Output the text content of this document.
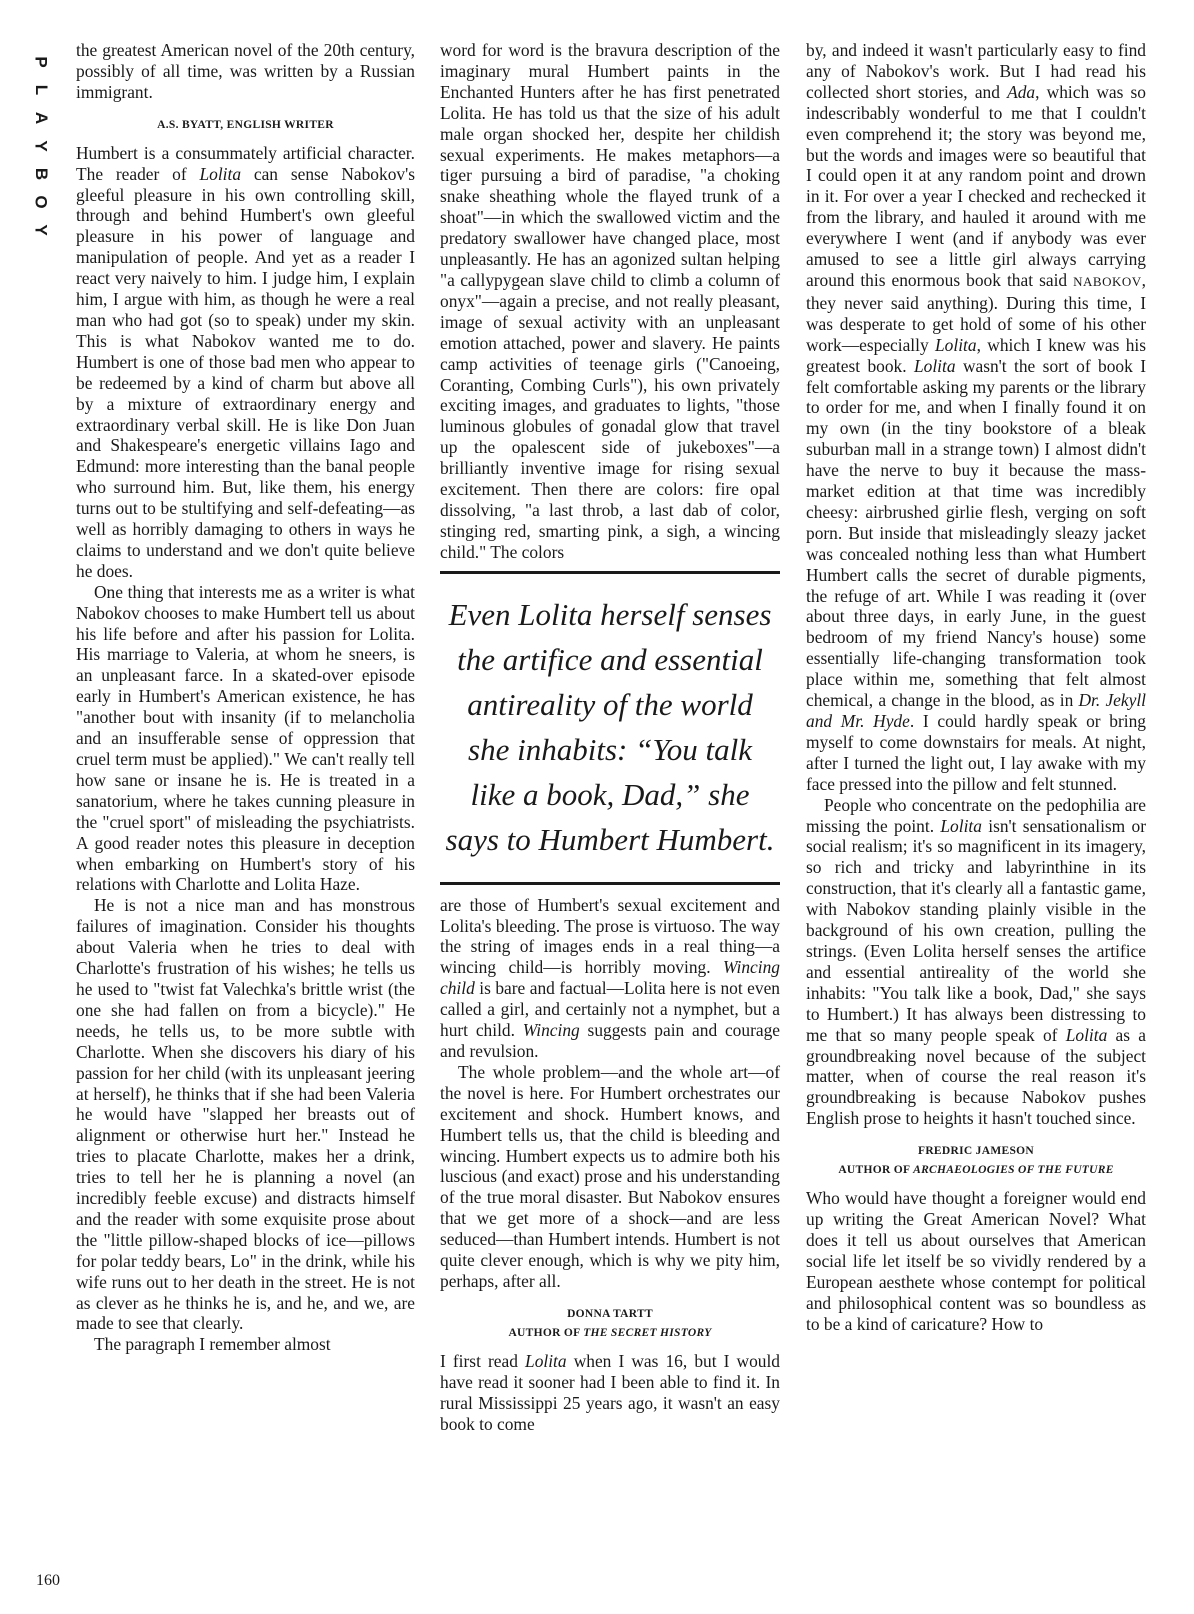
P
L
A
Y
B
O
Y

the greatest American novel of the 20th century, possibly of all time, was written by a Russian immigrant.

A.S. BYATT, ENGLISH WRITER

Humbert is a consummately artificial character. The reader of Lolita can sense Nabokov's gleeful pleasure in his own controlling skill, through and behind Humbert's own gleeful pleasure in his power of language and manipulation of people. And yet as a reader I react very naively to him. I judge him, I explain him, I argue with him, as though he were a real man who had got (so to speak) under my skin. This is what Nabokov wanted me to do. Humbert is one of those bad men who appear to be redeemed by a kind of charm but above all by a mixture of extraordinary energy and extraordinary verbal skill. He is like Don Juan and Shakespeare's energetic villains Iago and Edmund: more interesting than the banal people who surround him. But, like them, his energy turns out to be stultifying and self-defeating—as well as horribly damaging to others in ways he claims to understand and we don't quite believe he does.

One thing that interests me as a writer is what Nabokov chooses to make Humbert tell us about his life before and after his passion for Lolita. His marriage to Valeria, at whom he sneers, is an unpleasant farce. In a skated-over episode early in Humbert's American existence, he has "another bout with insanity (if to melancholia and an insufferable sense of oppression that cruel term must be applied)." We can't really tell how sane or insane he is. He is treated in a sanatorium, where he takes cunning pleasure in the "cruel sport" of misleading the psychiatrists. A good reader notes this pleasure in deception when embarking on Humbert's story of his relations with Charlotte and Lolita Haze.

He is not a nice man and has monstrous failures of imagination. Consider his thoughts about Valeria when he tries to deal with Charlotte's frustration of his wishes; he tells us he used to "twist fat Valechka's brittle wrist (the one she had fallen on from a bicycle)." He needs, he tells us, to be more subtle with Charlotte. When she discovers his diary of his passion for her child (with its unpleasant jeering at herself), he thinks that if she had been Valeria he would have "slapped her breasts out of alignment or otherwise hurt her." Instead he tries to placate Charlotte, makes her a drink, tries to tell her he is planning a novel (an incredibly feeble excuse) and distracts himself and the reader with some exquisite prose about the "little pillow-shaped blocks of ice—pillows for polar teddy bears, Lo" in the drink, while his wife runs out to her death in the street. He is not as clever as he thinks he is, and he, and we, are made to see that clearly.

The paragraph I remember almost

word for word is the bravura description of the imaginary mural Humbert paints in the Enchanted Hunters after he has first penetrated Lolita. He has told us that the size of his adult male organ shocked her, despite her childish sexual experiments. He makes metaphors—a tiger pursuing a bird of paradise, "a choking snake sheathing whole the flayed trunk of a shoat"—in which the swallowed victim and the predatory swallower have changed place, most unpleasantly. He has an agonized sultan helping "a callypygean slave child to climb a column of onyx"—again a precise, and not really pleasant, image of sexual activity with an unpleasant emotion attached, power and slavery. He paints camp activities of teenage girls ("Canoeing, Coranting, Combing Curls"), his own privately exciting images, and graduates to lights, "those luminous globules of gonadal glow that travel up the opalescent side of jukeboxes"—a brilliantly inventive image for rising sexual excitement. Then there are colors: fire opal dissolving, "a last throb, a last dab of color, stinging red, smarting pink, a sigh, a wincing child." The colors

Even Lolita herself senses the artifice and essential antireality of the world she inhabits: “You talk like a book, Dad,” she says to Humbert Humbert.

are those of Humbert's sexual excitement and Lolita's bleeding. The prose is virtuoso. The way the string of images ends in a real thing—a wincing child—is horribly moving. Wincing child is bare and factual—Lolita here is not even called a girl, and certainly not a nymphet, but a hurt child. Wincing suggests pain and courage and revulsion.

The whole problem—and the whole art—of the novel is here. For Humbert orchestrates our excitement and shock. Humbert knows, and Humbert tells us, that the child is bleeding and wincing. Humbert expects us to admire both his luscious (and exact) prose and his understanding of the true moral disaster. But Nabokov ensures that we get more of a shock—and are less seduced—than Humbert intends. Humbert is not quite clever enough, which is why we pity him, perhaps, after all.

DONNA TARTT
AUTHOR OF THE SECRET HISTORY

I first read Lolita when I was 16, but I would have read it sooner had I been able to find it. In rural Mississippi 25 years ago, it wasn't an easy book to come

by, and indeed it wasn't particularly easy to find any of Nabokov's work. But I had read his collected short stories, and Ada, which was so indescribably wonderful to me that I couldn't even comprehend it; the story was beyond me, but the words and images were so beautiful that I could open it at any random point and drown in it. For over a year I checked and rechecked it from the library, and hauled it around with me everywhere I went (and if anybody was ever amused to see a little girl always carrying around this enormous book that said NABOKOV, they never said anything). During this time, I was desperate to get hold of some of his other work—especially Lolita, which I knew was his greatest book. Lolita wasn't the sort of book I felt comfortable asking my parents or the library to order for me, and when I finally found it on my own (in the tiny bookstore of a bleak suburban mall in a strange town) I almost didn't have the nerve to buy it because the mass-market edition at that time was incredibly cheesy: airbrushed girlie flesh, verging on soft porn. But inside that misleadingly sleazy jacket was concealed nothing less than what Humbert Humbert calls the secret of durable pigments, the refuge of art. While I was reading it (over about three days, in early June, in the guest bedroom of my friend Nancy's house) some essentially life-changing transformation took place within me, something that felt almost chemical, a change in the blood, as in Dr. Jekyll and Mr. Hyde. I could hardly speak or bring myself to come downstairs for meals. At night, after I turned the light out, I lay awake with my face pressed into the pillow and felt stunned.

People who concentrate on the pedophilia are missing the point. Lolita isn't sensationalism or social realism; it's so magnificent in its imagery, so rich and tricky and labyrinthine in its construction, that it's clearly all a fantastic game, with Nabokov standing plainly visible in the background of his own creation, pulling the strings. (Even Lolita herself senses the artifice and essential antireality of the world she inhabits: "You talk like a book, Dad," she says to Humbert.) It has always been distressing to me that so many people speak of Lolita as a groundbreaking novel because of the subject matter, when of course the real reason it's groundbreaking is because Nabokov pushes English prose to heights it hasn't touched since.

FREDRIC JAMESON
AUTHOR OF ARCHAEOLOGIES OF THE FUTURE

Who would have thought a foreigner would end up writing the Great American Novel? What does it tell us about ourselves that American social life let itself be so vividly rendered by a European aesthete whose contempt for political and philosophical content was so boundless as to be a kind of caricature? How to

160
